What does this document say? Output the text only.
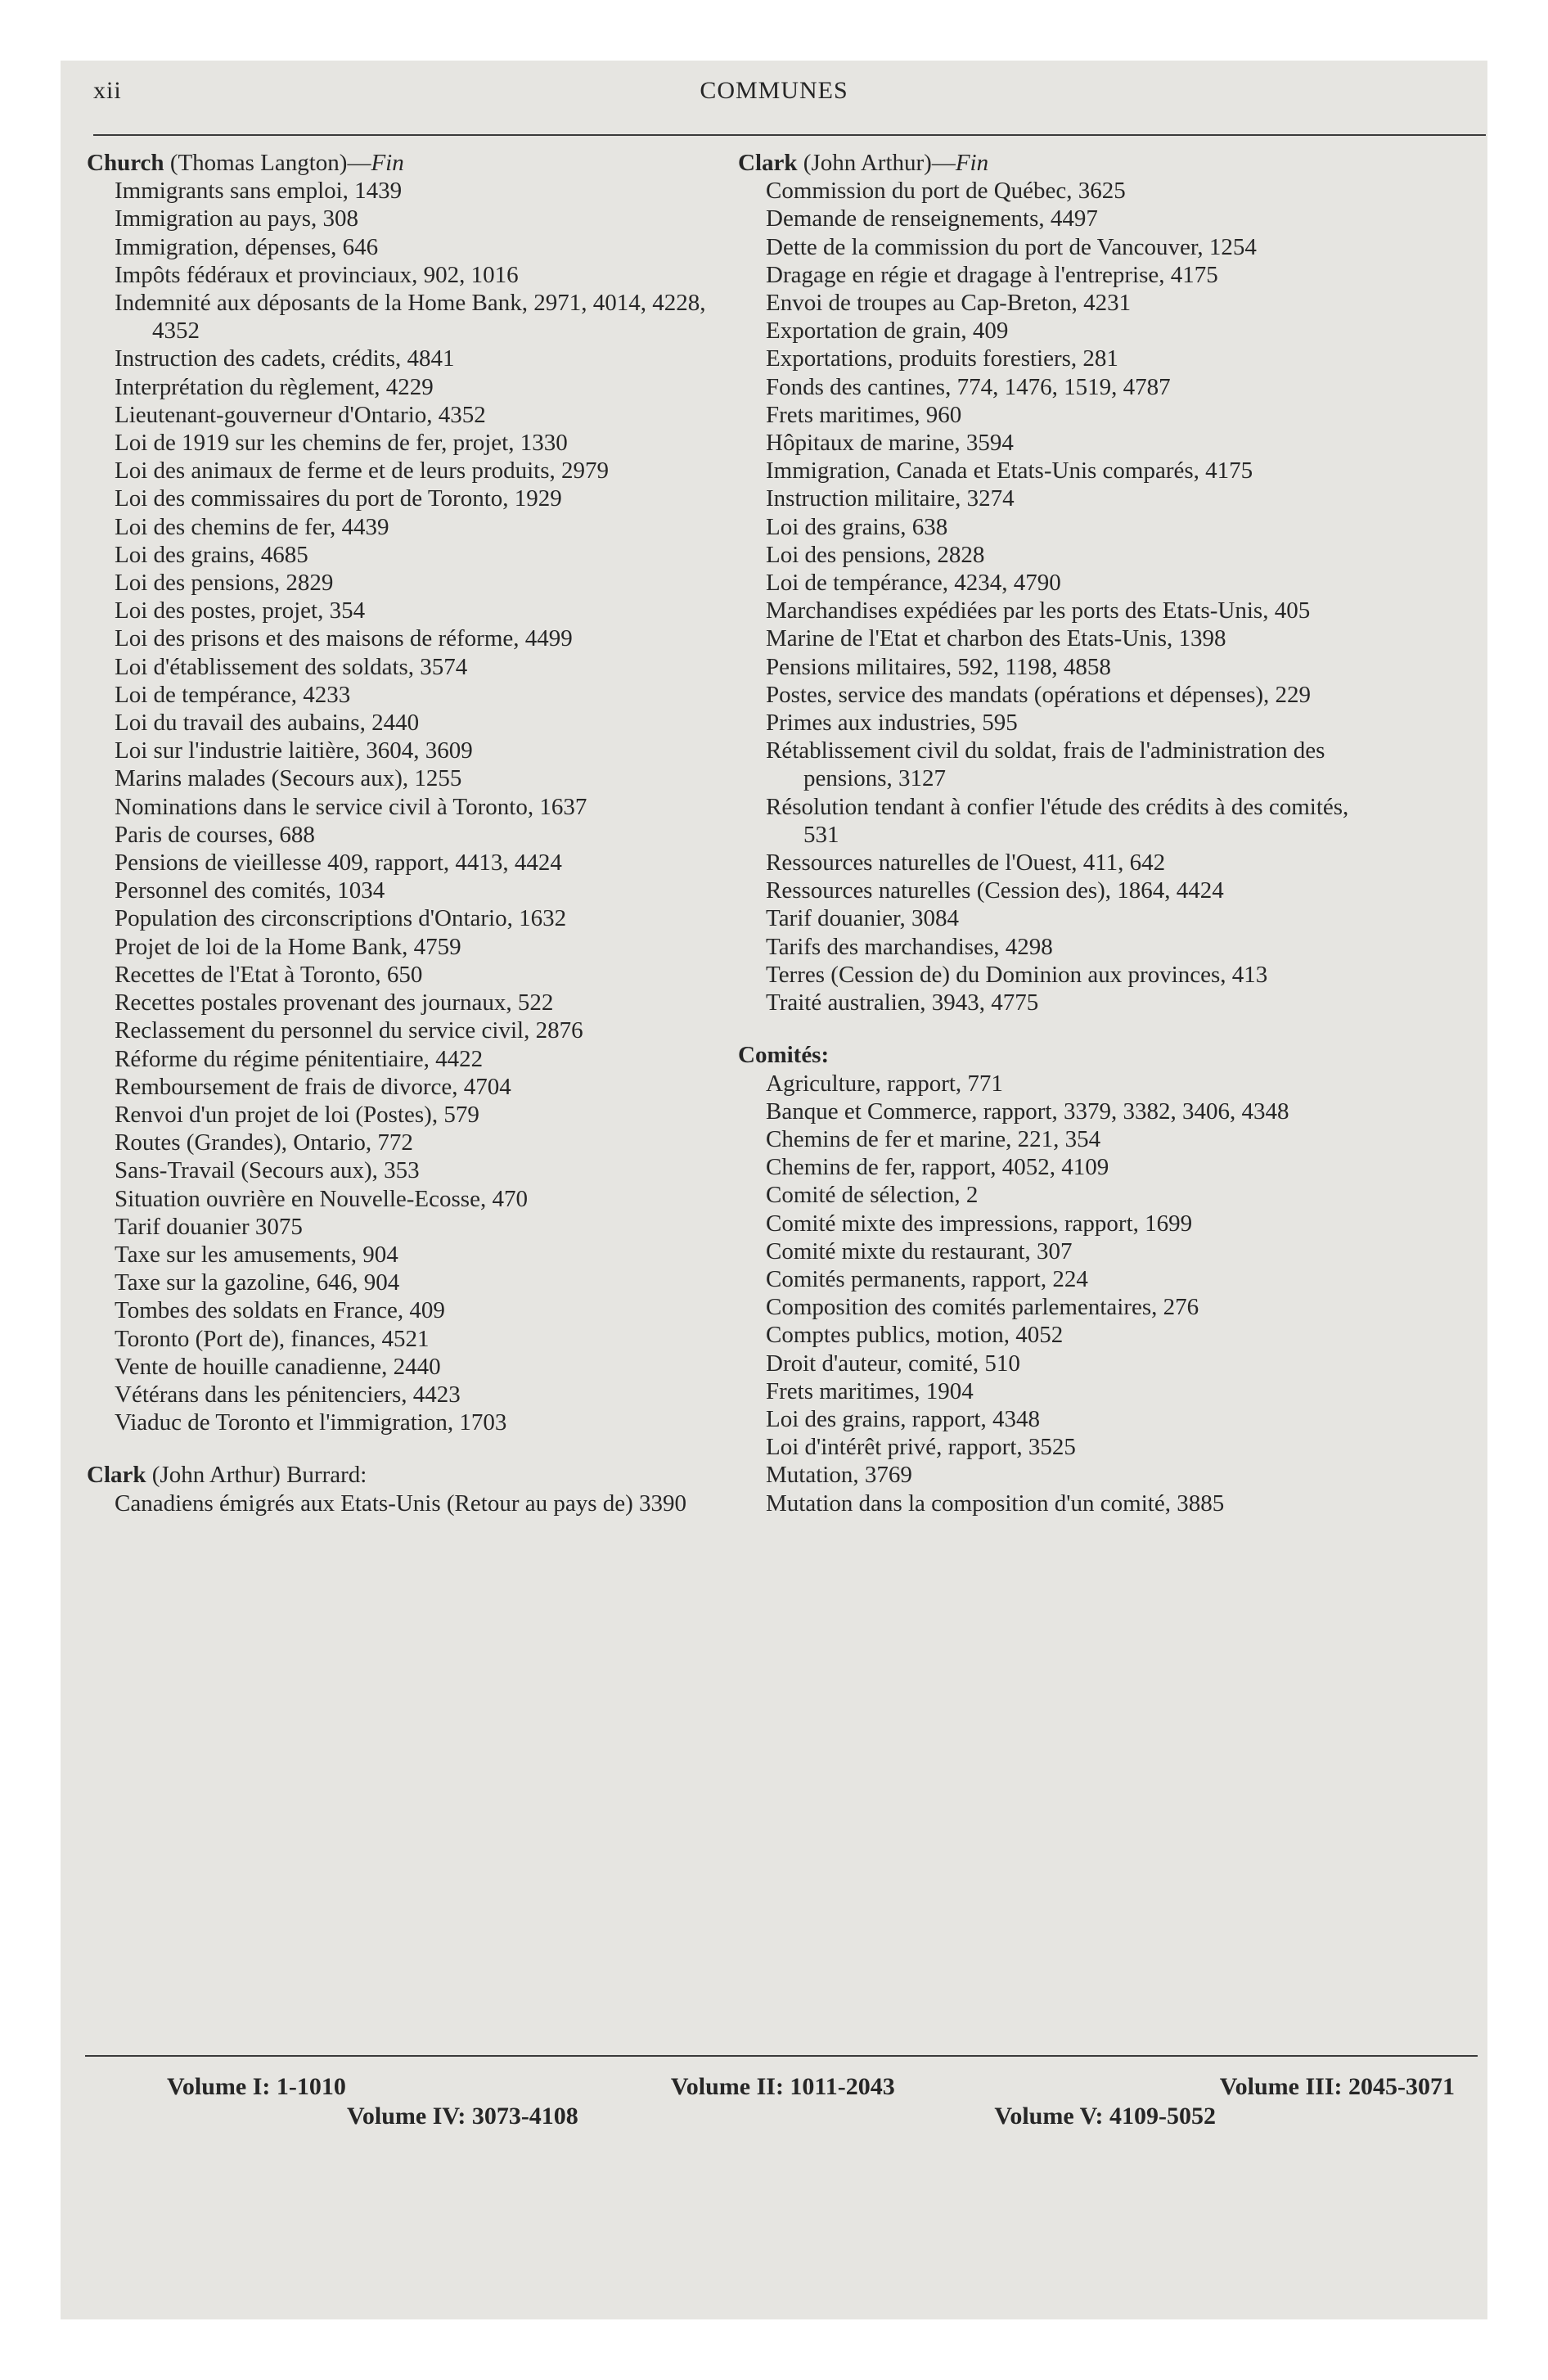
xii	COMMUNES

Church (Thomas Langton)—Fin

Immigrants sans emploi, 1439

Immigration au pays, 308

Immigration, dépenses, 646

Impôts fédéraux et provinciaux, 902, 1016

Indemnité aux déposants de la Home Bank, 2971, 4014, 4228, 4352

Instruction des cadets, crédits, 4841

Interprétation du règlement, 4229

Lieutenant-gouverneur d'Ontario, 4352

Loi de 1919 sur les chemins de fer, projet, 1330

Loi des animaux de ferme et de leurs produits, 2979

Loi des commissaires du port de Toronto, 1929

Loi des chemins de fer, 4439

Loi des grains, 4685

Loi des pensions, 2829

Loi des postes, projet, 354

Loi des prisons et des maisons de réforme, 4499

Loi d'établissement des soldats, 3574

Loi de tempérance, 4233

Loi du travail des aubains, 2440

Loi sur l'industrie laitière, 3604, 3609

Marins malades (Secours aux), 1255

Nominations dans le service civil à Toronto, 1637

Paris de courses, 688

Pensions de vieillesse 409, rapport, 4413, 4424

Personnel des comités, 1034

Population des circonscriptions d'Ontario, 1632

Projet de loi de la Home Bank, 4759

Recettes de l'Etat à Toronto, 650

Recettes postales provenant des journaux, 522

Reclassement du personnel du service civil, 2876

Réforme du régime pénitentiaire, 4422

Remboursement de frais de divorce, 4704

Renvoi d'un projet de loi (Postes), 579

Routes (Grandes), Ontario, 772

Sans-Travail (Secours aux), 353

Situation ouvrière en Nouvelle-Ecosse, 470

Tarif douanier 3075

Taxe sur les amusements, 904

Taxe sur la gazoline, 646, 904

Tombes des soldats en France, 409

Toronto (Port de), finances, 4521

Vente de houille canadienne, 2440

Vétérans dans les pénitenciers, 4423

Viaduc de Toronto et l'immigration, 1703

Clark (John Arthur) Burrard:

Canadiens émigrés aux Etats-Unis (Retour au pays de) 3390

Clark (John Arthur)—Fin

Commission du port de Québec, 3625

Demande de renseignements, 4497

Dette de la commission du port de Vancouver, 1254

Dragage en régie et dragage à l'entreprise, 4175

Envoi de troupes au Cap-Breton, 4231

Exportation de grain, 409

Exportations, produits forestiers, 281

Fonds des cantines, 774, 1476, 1519, 4787

Frets maritimes, 960

Hôpitaux de marine, 3594

Immigration, Canada et Etats-Unis comparés, 4175

Instruction militaire, 3274

Loi des grains, 638

Loi des pensions, 2828

Loi de tempérance, 4234, 4790

Marchandises expédiées par les ports des Etats-Unis, 405

Marine de l'Etat et charbon des Etats-Unis, 1398

Pensions militaires, 592, 1198, 4858

Postes, service des mandats (opérations et dépenses), 229

Primes aux industries, 595

Rétablissement civil du soldat, frais de l'administration des pensions, 3127

Résolution tendant à confier l'étude des crédits à des comités, 531

Ressources naturelles de l'Ouest, 411, 642

Ressources naturelles (Cession des), 1864, 4424

Tarif douanier, 3084

Tarifs des marchandises, 4298

Terres (Cession de) du Dominion aux provinces, 413

Traité australien, 3943, 4775

Comités:

Agriculture, rapport, 771

Banque et Commerce, rapport, 3379, 3382, 3406, 4348

Chemins de fer et marine, 221, 354

Chemins de fer, rapport, 4052, 4109

Comité de sélection, 2

Comité mixte des impressions, rapport, 1699

Comité mixte du restaurant, 307

Comités permanents, rapport, 224

Composition des comités parlementaires, 276

Comptes publics, motion, 4052

Droit d'auteur, comité, 510

Frets maritimes, 1904

Loi des grains, rapport, 4348

Loi d'intérêt privé, rapport, 3525

Mutation, 3769

Mutation dans la composition d'un comité, 3885

Volume I: 1-1010	Volume II: 1011-2043	Volume III: 2045-3071
Volume IV: 3073-4108	Volume V: 4109-5052
